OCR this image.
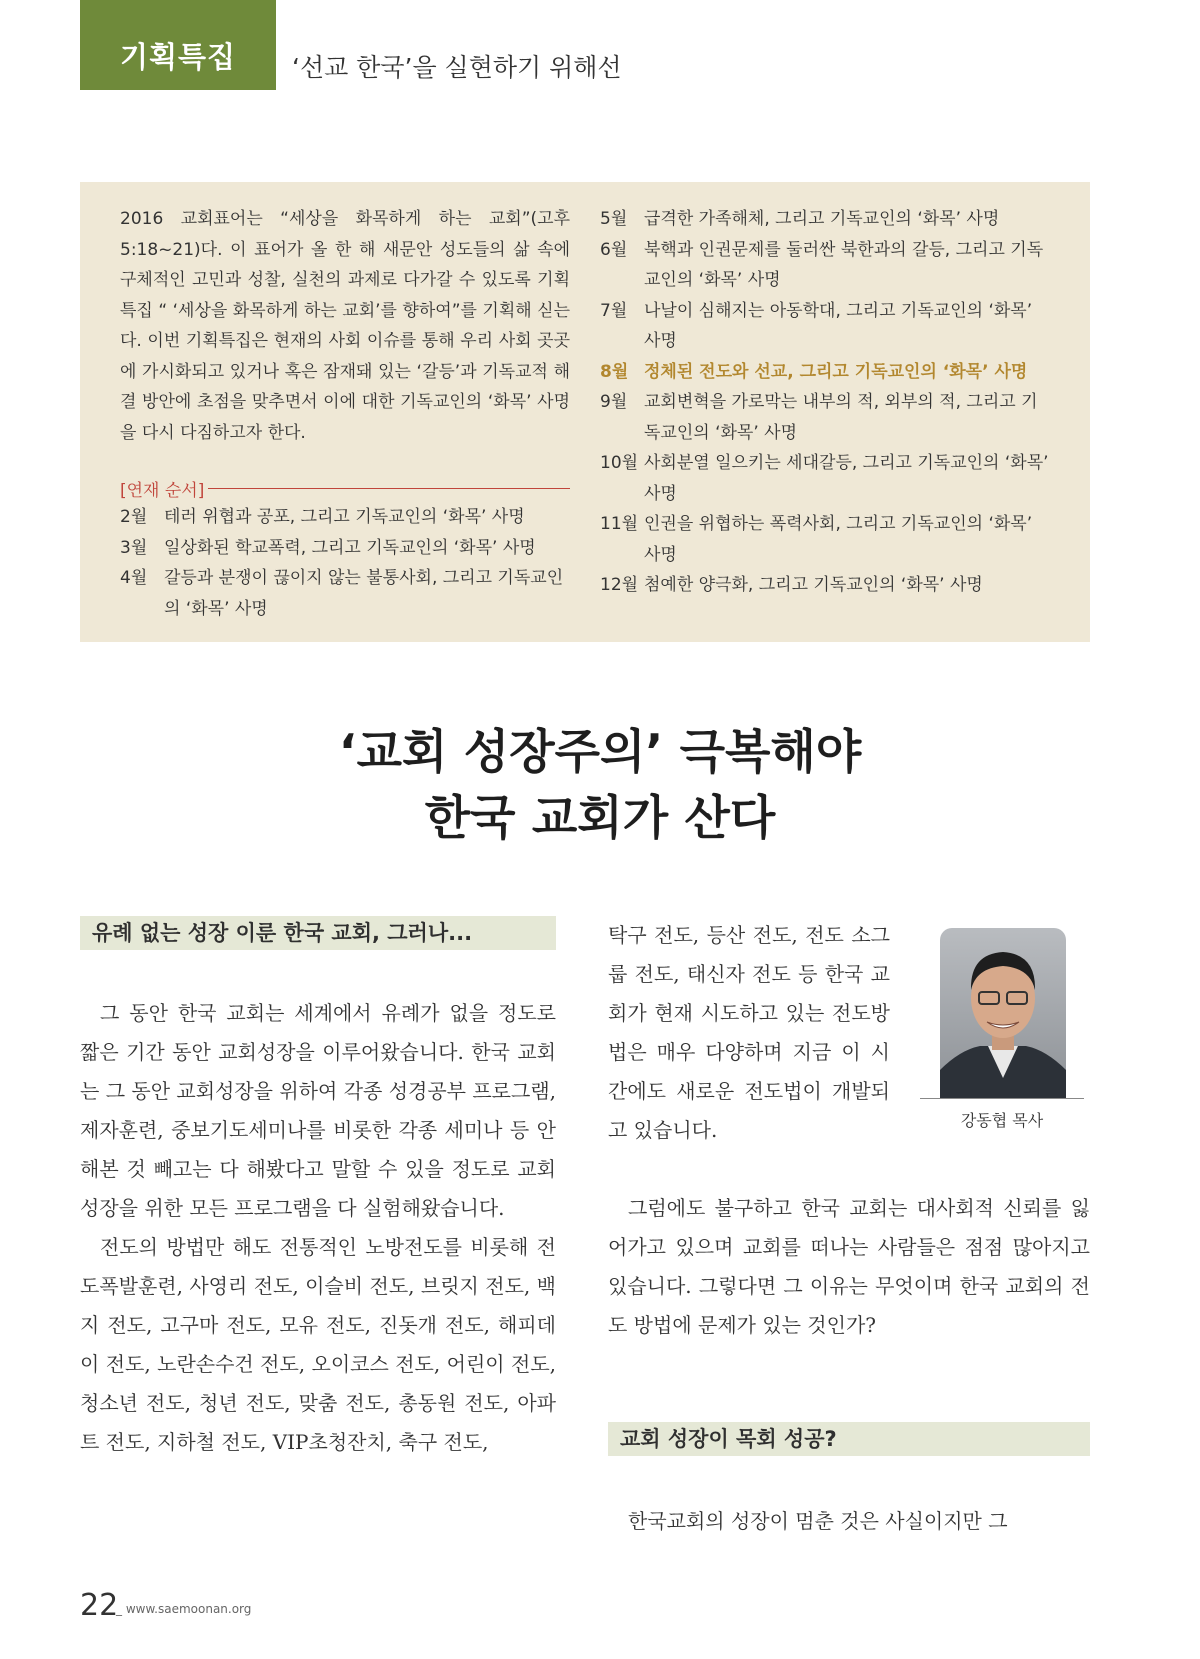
기획특집	‘선교 한국’을 실현하기 위해선
2016 교회표어는 “세상을 화목하게 하는 교회”(고후 5:18~21)다. 이 표어가 올 한 해 새문안 성도들의 삶 속에 구체적인 고민과 성찰, 실천의 과제로 다가갈 수 있도록 기획특집 “ ‘세상을 화목하게 하는 교회’를 향하여”를 기획해 싣는다. 이번 기획특집은 현재의 사회 이슈를 통해 우리 사회 곳곳에 가시화되고 있거나 혹은 잠재돼 있는 ‘갈등’과 기독교적 해결 방안에 초점을 맞추면서 이에 대한 기독교인의 ‘화목’ 사명을 다시 다짐하고자 한다.
[연재 순서]
2월 테러 위협과 공포, 그리고 기독교인의 ‘화목’ 사명
3월 일상화된 학교폭력, 그리고 기독교인의 ‘화목’ 사명
4월 갈등과 분쟁이 끊이지 않는 불통사회, 그리고 기독교인의 ‘화목’ 사명
5월 급격한 가족해체, 그리고 기독교인의 ‘화목’ 사명
6월 북핵과 인권문제를 둘러싼 북한과의 갈등, 그리고 기독교인의 ‘화목’ 사명
7월 나날이 심해지는 아동학대, 그리고 기독교인의 ‘화목’ 사명
8월 정체된 전도와 선교, 그리고 기독교인의 ‘화목’ 사명
9월 교회변혁을 가로막는 내부의 적, 외부의 적, 그리고 기독교인의 ‘화목’ 사명
10월 사회분열 일으키는 세대갈등, 그리고 기독교인의 ‘화목’ 사명
11월 인권을 위협하는 폭력사회, 그리고 기독교인의 ‘화목’ 사명
12월 첨예한 양극화, 그리고 기독교인의 ‘화목’ 사명
‘교회 성장주의’ 극복해야
한국 교회가 산다
유례 없는 성장 이룬 한국 교회, 그러나...
그 동안 한국 교회는 세계에서 유례가 없을 정도로 짧은 기간 동안 교회성장을 이루어왔습니다. 한국 교회는 그 동안 교회성장을 위하여 각종 성경공부 프로그램, 제자훈련, 중보기도세미나를 비롯한 각종 세미나 등 안 해본 것 빼고는 다 해봤다고 말할 수 있을 정도로 교회성장을 위한 모든 프로그램을 다 실험해왔습니다.
전도의 방법만 해도 전통적인 노방전도를 비롯해 전도폭발훈련, 사영리 전도, 이슬비 전도, 브릿지 전도, 백지 전도, 고구마 전도, 모유 전도, 진돗개 전도, 해피데이 전도, 노란손수건 전도, 오이코스 전도, 어린이 전도, 청소년 전도, 청년 전도, 맞춤 전도, 총동원 전도, 아파트 전도, 지하철 전도, VIP초청잔치, 축구 전도,
탁구 전도, 등산 전도, 전도 소그룹 전도, 태신자 전도 등 한국 교회가 현재 시도하고 있는 전도방법은 매우 다양하며 지금 이 시간에도 새로운 전도법이 개발되고 있습니다.	강동협 목사
그럼에도 불구하고 한국 교회는 대사회적 신뢰를 잃어가고 있으며 교회를 떠나는 사람들은 점점 많아지고 있습니다. 그렇다면 그 이유는 무엇이며 한국 교회의 전도 방법에 문제가 있는 것인가?
교회 성장이 목회 성공?
한국교회의 성장이 멈춘 것은 사실이지만 그
22
_ www.saemoonan.org
